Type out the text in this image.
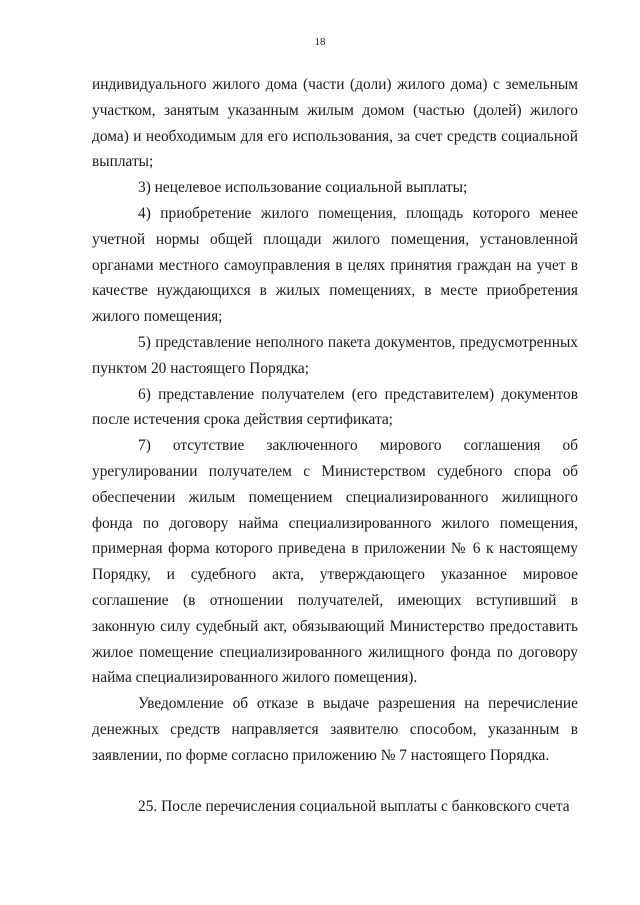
18

индивидуального жилого дома (части (доли) жилого дома) с земельным участком, занятым указанным жилым домом (частью (долей) жилого дома) и необходимым для его использования, за счет средств социальной выплаты;

3) нецелевое использование социальной выплаты;

4) приобретение жилого помещения, площадь которого менее учетной нормы общей площади жилого помещения, установленной органами местного самоуправления в целях принятия граждан на учет в качестве нуждающихся в жилых помещениях, в месте приобретения жилого помещения;

5) представление неполного пакета документов, предусмотренных пунктом 20 настоящего Порядка;

6) представление получателем (его представителем) документов после истечения срока действия сертификата;

7) отсутствие заключенного мирового соглашения об урегулировании получателем с Министерством судебного спора об обеспечении жилым помещением специализированного жилищного фонда по договору найма специализированного жилого помещения, примерная форма которого приведена в приложении № 6 к настоящему Порядку, и судебного акта, утверждающего указанное мировое соглашение (в отношении получателей, имеющих вступивший в законную силу судебный акт, обязывающий Министерство предоставить жилое помещение специализированного жилищного фонда по договору найма специализированного жилого помещения).

Уведомление об отказе в выдаче разрешения на перечисление денежных средств направляется заявителю способом, указанным в заявлении, по форме согласно приложению № 7 настоящего Порядка.

25. После перечисления социальной выплаты с банковского счета
